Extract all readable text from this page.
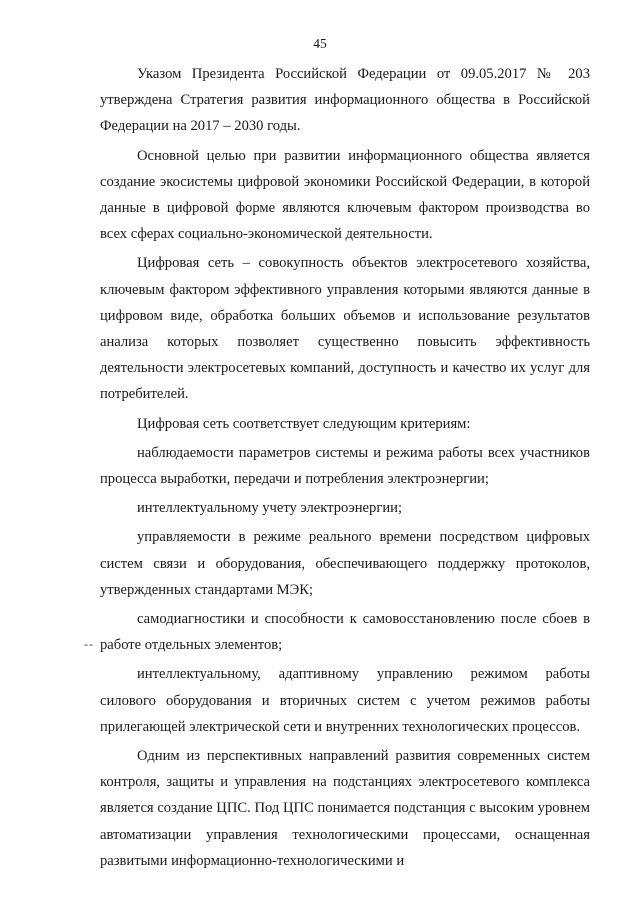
45
--

Указом Президента Российской Федерации от 09.05.2017 № 203 утверждена Стратегия развития информационного общества в Российской Федерации на 2017 – 2030 годы.

Основной целью при развитии информационного общества является создание экосистемы цифровой экономики Российской Федерации, в которой данные в цифровой форме являются ключевым фактором производства во всех сферах социально-экономической деятельности.

Цифровая сеть – совокупность объектов электросетевого хозяйства, ключевым фактором эффективного управления которыми являются данные в цифровом виде, обработка больших объемов и использование результатов анализа которых позволяет существенно повысить эффективность деятельности электросетевых компаний, доступность и качество их услуг для потребителей.

Цифровая сеть соответствует следующим критериям:

наблюдаемости параметров системы и режима работы всех участников процесса выработки, передачи и потребления электроэнергии;

интеллектуальному учету электроэнергии;

управляемости в режиме реального времени посредством цифровых систем связи и оборудования, обеспечивающего поддержку протоколов, утвержденных стандартами МЭК;

самодиагностики и способности к самовосстановлению после сбоев в работе отдельных элементов;

интеллектуальному, адаптивному управлению режимом работы силового оборудования и вторичных систем с учетом режимов работы прилегающей электрической сети и внутренних технологических процессов.

Одним из перспективных направлений развития современных систем контроля, защиты и управления на подстанциях электросетевого комплекса является создание ЦПС. Под ЦПС понимается подстанция с высоким уровнем автоматизации управления технологическими процессами, оснащенная развитыми информационно-технологическими и
